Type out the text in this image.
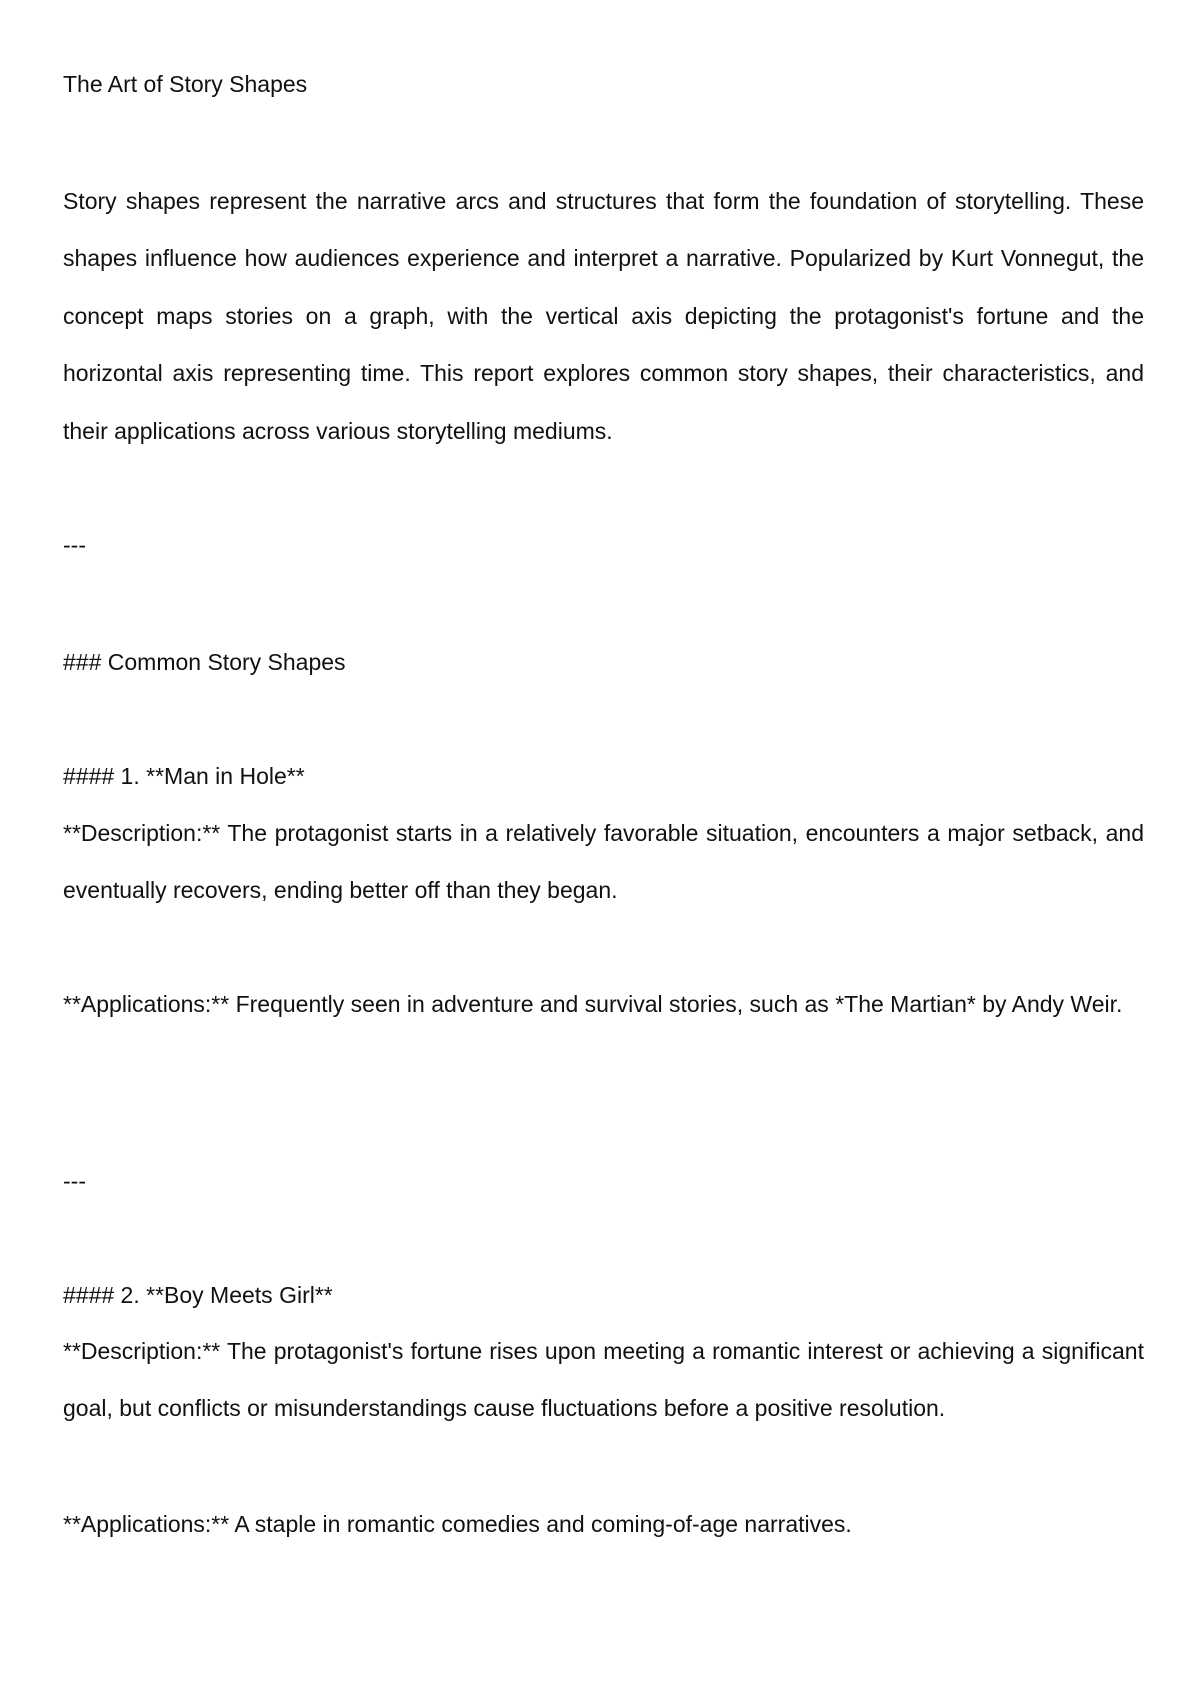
The Art of Story Shapes
Story shapes represent the narrative arcs and structures that form the foundation of storytelling. These shapes influence how audiences experience and interpret a narrative. Popularized by Kurt Vonnegut, the concept maps stories on a graph, with the vertical axis depicting the protagonist's fortune and the horizontal axis representing time. This report explores common story shapes, their characteristics, and their applications across various storytelling mediums.
---
### Common Story Shapes
#### 1. **Man in Hole**
**Description:** The protagonist starts in a relatively favorable situation, encounters a major setback, and eventually recovers, ending better off than they began.
**Applications:** Frequently seen in adventure and survival stories, such as *The Martian* by Andy Weir.
---
#### 2. **Boy Meets Girl**
**Description:** The protagonist's fortune rises upon meeting a romantic interest or achieving a significant goal, but conflicts or misunderstandings cause fluctuations before a positive resolution.
**Applications:** A staple in romantic comedies and coming-of-age narratives.
